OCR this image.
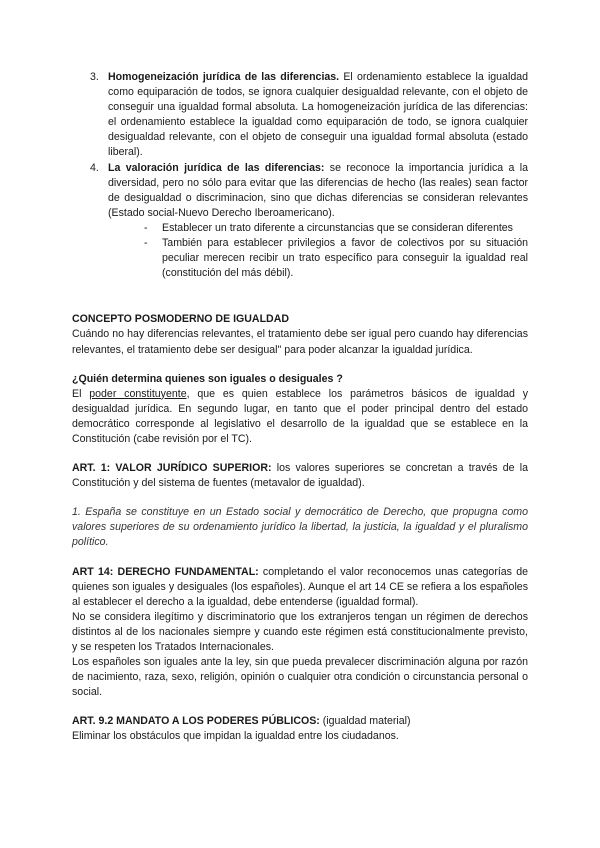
3. Homogeneización jurídica de las diferencias. El ordenamiento establece la igualdad como equiparación de todos, se ignora cualquier desigualdad relevante, con el objeto de conseguir una igualdad formal absoluta. La homogeneización jurídica de las diferencias: el ordenamiento establece la igualdad como equiparación de todo, se ignora cualquier desigualdad relevante, con el objeto de conseguir una igualdad formal absoluta (estado liberal).

4. La valoración jurídica de las diferencias: se reconoce la importancia jurídica a la diversidad, pero no sólo para evitar que las diferencias de hecho (las reales) sean factor de desigualdad o discriminacion, sino que dichas diferencias se consideran relevantes (Estado social-Nuevo Derecho Iberoamericano).

- Establecer un trato diferente a circunstancias que se consideran diferentes
- También para establecer privilegios a favor de colectivos por su situación peculiar merecen recibir un trato específico para conseguir la igualdad real (constitución del más débil).

CONCEPTO POSMODERNO DE IGUALDAD

Cuándo no hay diferencias relevantes, el tratamiento debe ser igual pero cuando hay diferencias relevantes, el tratamiento debe ser desigual" para poder alcanzar la igualdad jurídica.

¿Quién determina quienes son iguales o desiguales ?

El poder constituyente, que es quien establece los parámetros básicos de igualdad y desigualdad jurídica. En segundo lugar, en tanto que el poder principal dentro del estado democrático corresponde al legislativo el desarrollo de la igualdad que se establece en la Constitución (cabe revisión por el TC).

ART. 1: VALOR JURÍDICO SUPERIOR: los valores superiores se concretan a través de la Constitución y del sistema de fuentes (metavalor de igualdad).

1. España se constituye en un Estado social y democrático de Derecho, que propugna como valores superiores de su ordenamiento jurídico la libertad, la justicia, la igualdad y el pluralismo político.

ART 14: DERECHO FUNDAMENTAL: completando el valor reconocemos unas categorías de quienes son iguales y desiguales (los españoles). Aunque el art 14 CE se refiera a los españoles al establecer el derecho a la igualdad, debe entenderse (igualdad formal).

No se considera ilegítimo y discriminatorio que los extranjeros tengan un régimen de derechos distintos al de los nacionales siempre y cuando este régimen está constitucionalmente previsto, y se respeten los Tratados Internacionales.

Los españoles son iguales ante la ley, sin que pueda prevalecer discriminación alguna por razón de nacimiento, raza, sexo, religión, opinión o cualquier otra condición o circunstancia personal o social.

ART. 9.2 MANDATO A LOS PODERES PÚBLICOS: (igualdad material)

Eliminar los obstáculos que impidan la igualdad entre los ciudadanos.
